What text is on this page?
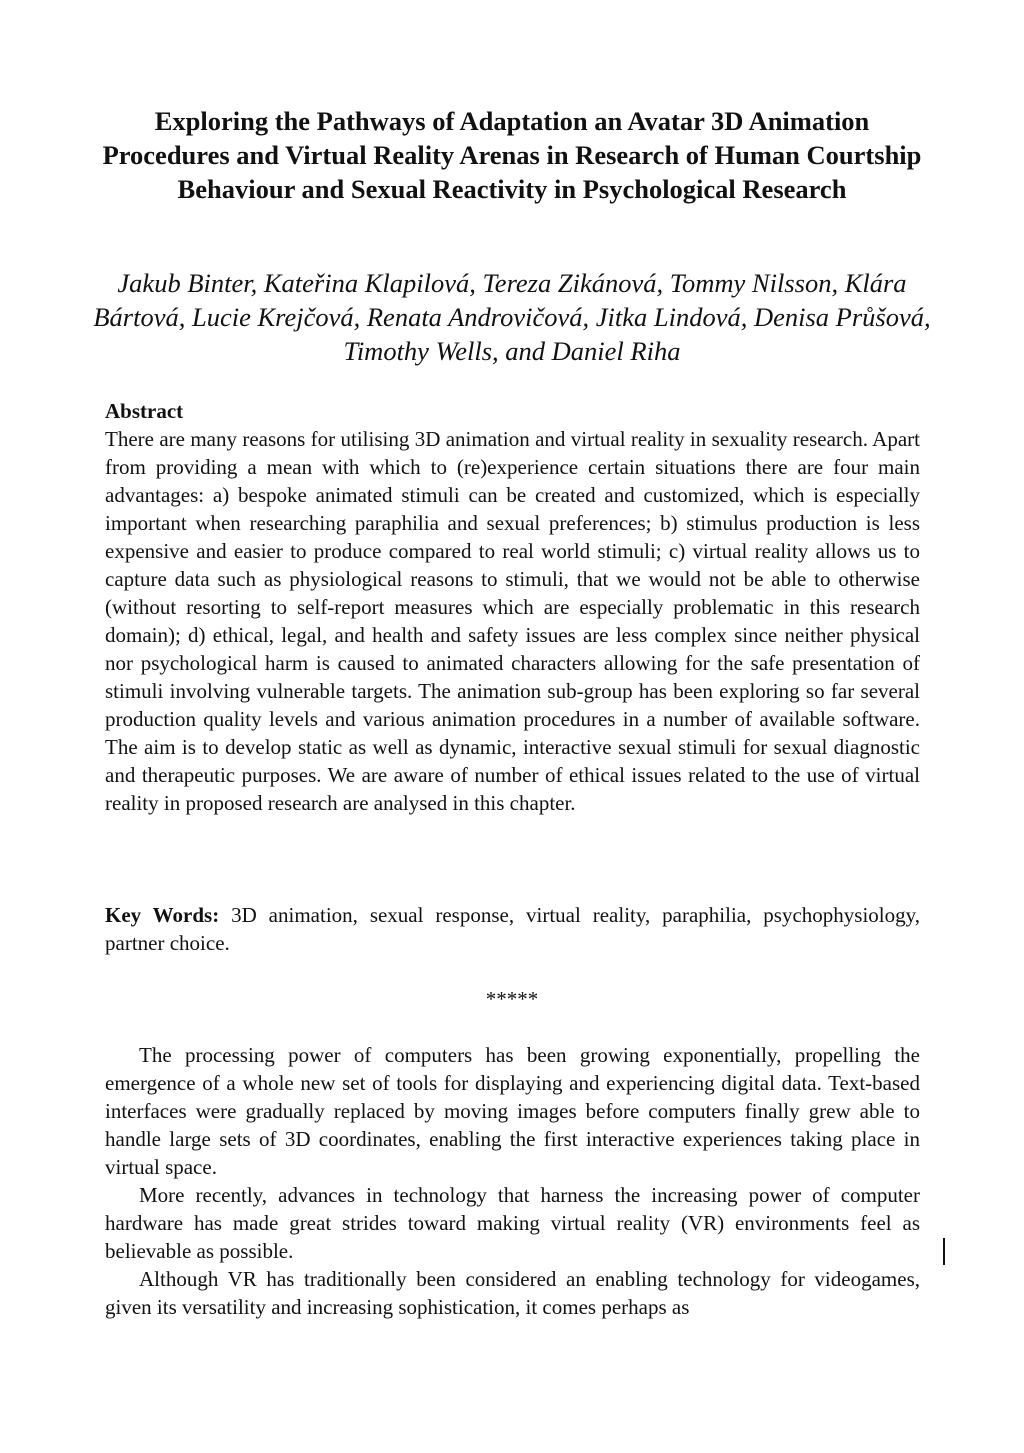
Exploring the Pathways of Adaptation an Avatar 3D Animation Procedures and Virtual Reality Arenas in Research of Human Courtship Behaviour and Sexual Reactivity in Psychological Research

Jakub Binter, Kateřina Klapilová, Tereza Zikánová, Tommy Nilsson, Klára Bártová, Lucie Krejčová, Renata Androvičová, Jitka Lindová, Denisa Průšová, Timothy Wells, and Daniel Riha

Abstract

There are many reasons for utilising 3D animation and virtual reality in sexuality research. Apart from providing a mean with which to (re)experience certain situations there are four main advantages: a) bespoke animated stimuli can be created and customized, which is especially important when researching paraphilia and sexual preferences; b) stimulus production is less expensive and easier to produce compared to real world stimuli; c) virtual reality allows us to capture data such as physiological reasons to stimuli, that we would not be able to otherwise (without resorting to self-report measures which are especially problematic in this research domain); d) ethical, legal, and health and safety issues are less complex since neither physical nor psychological harm is caused to animated characters allowing for the safe presentation of stimuli involving vulnerable targets. The animation sub-group has been exploring so far several production quality levels and various animation procedures in a number of available software. The aim is to develop static as well as dynamic, interactive sexual stimuli for sexual diagnostic and therapeutic purposes. We are aware of number of ethical issues related to the use of virtual reality in proposed research are analysed in this chapter.

Key Words: 3D animation, sexual response, virtual reality, paraphilia, psychophysiology, partner choice.

*****

The processing power of computers has been growing exponentially, propelling the emergence of a whole new set of tools for displaying and experiencing digital data. Text-based interfaces were gradually replaced by moving images before computers finally grew able to handle large sets of 3D coordinates, enabling the first interactive experiences taking place in virtual space.

More recently, advances in technology that harness the increasing power of computer hardware has made great strides toward making virtual reality (VR) environments feel as believable as possible.

Although VR has traditionally been considered an enabling technology for videogames, given its versatility and increasing sophistication, it comes perhaps as
